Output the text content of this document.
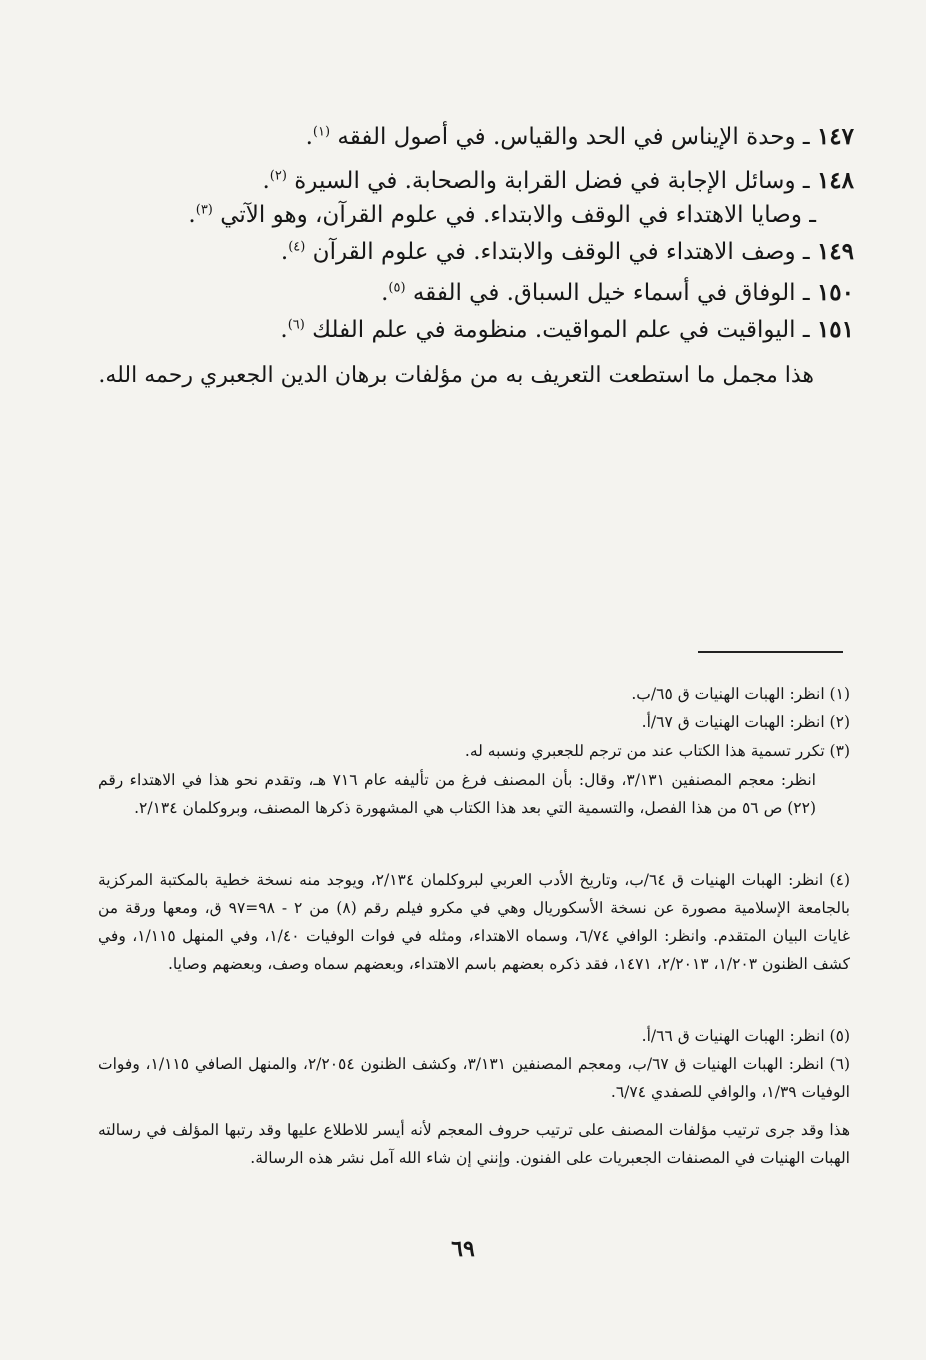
١٤٧ ـ وحدة الإيناس في الحد والقياس. في أصول الفقه $^{(١)}$.
١٤٨ ـ وسائل الإجابة في فضل القرابة والصحابة. في السيرة $^{(٢)}$.
ـ وصايا الاهتداء في الوقف والابتداء. في علوم القرآن، وهو الآتي $^{(٣)}$.
١٤٩ ـ وصف الاهتداء في الوقف والابتداء. في علوم القرآن $^{(٤)}$.
١٥٠ ـ الوفاق في أسماء خيل السباق. في الفقه $^{(٥)}$.
١٥١ ـ اليواقيت في علم المواقيت. منظومة في علم الفلك $^{(٦)}$.
هذا مجمل ما استطعت التعريف به من مؤلفات برهان الدين الجعبري رحمه الله.
(١) انظر: الهبات الهنيات ق ٦٥/ب.
(٢) انظر: الهبات الهنيات ق ٦٧/أ.
(٣) تكرر تسمية هذا الكتاب عند من ترجم للجعبري ونسبه له.
انظر: معجم المصنفين ٣/١٣١، وقال: بأن المصنف فرغ من تأليفه عام ٧١٦ هـ، وتقدم نحو هذا في الاهتداء رقم (٢٢) ص ٥٦ من هذا الفصل، والتسمية التي بعد هذا الكتاب هي المشهورة ذكرها المصنف، وبروكلمان ٢/١٣٤.
(٤) انظر: الهبات الهنيات ق ٦٤/ب، وتاريخ الأدب العربي لبروكلمان ٢/١٣٤، ويوجد منه نسخة خطية بالمكتبة المركزية بالجامعة الإسلامية مصورة عن نسخة الأسكوريال وهي في مكرو فيلم رقم (٨) من ٢ - ٩٨=٩٧ ق، ومعها ورقة من غايات البيان المتقدم. وانظر: الوافي ٦/٧٤، وسماه الاهتداء، ومثله في فوات الوفيات ١/٤٠، وفي المنهل ١/١١٥، وفي كشف الظنون ١/٢٠٣، ٢/٢٠١٣، ١٤٧١، فقد ذكره بعضهم باسم الاهتداء، وبعضهم سماه وصف، وبعضهم وصايا.
(٥) انظر: الهبات الهنيات ق ٦٦/أ.
(٦) انظر: الهبات الهنيات ق ٦٧/ب، ومعجم المصنفين ٣/١٣١، وكشف الظنون ٢/٢٠٥٤، والمنهل الصافي ١/١١٥، وفوات الوفيات ١/٣٩، والوافي للصفدي ٦/٧٤.
هذا وقد جرى ترتيب مؤلفات المصنف على ترتيب حروف المعجم لأنه أيسر للاطلاع عليها وقد رتبها المؤلف في رسالته الهبات الهنيات في المصنفات الجعبريات على الفنون. وإنني إن شاء الله آمل نشر هذه الرسالة.
٦٩
